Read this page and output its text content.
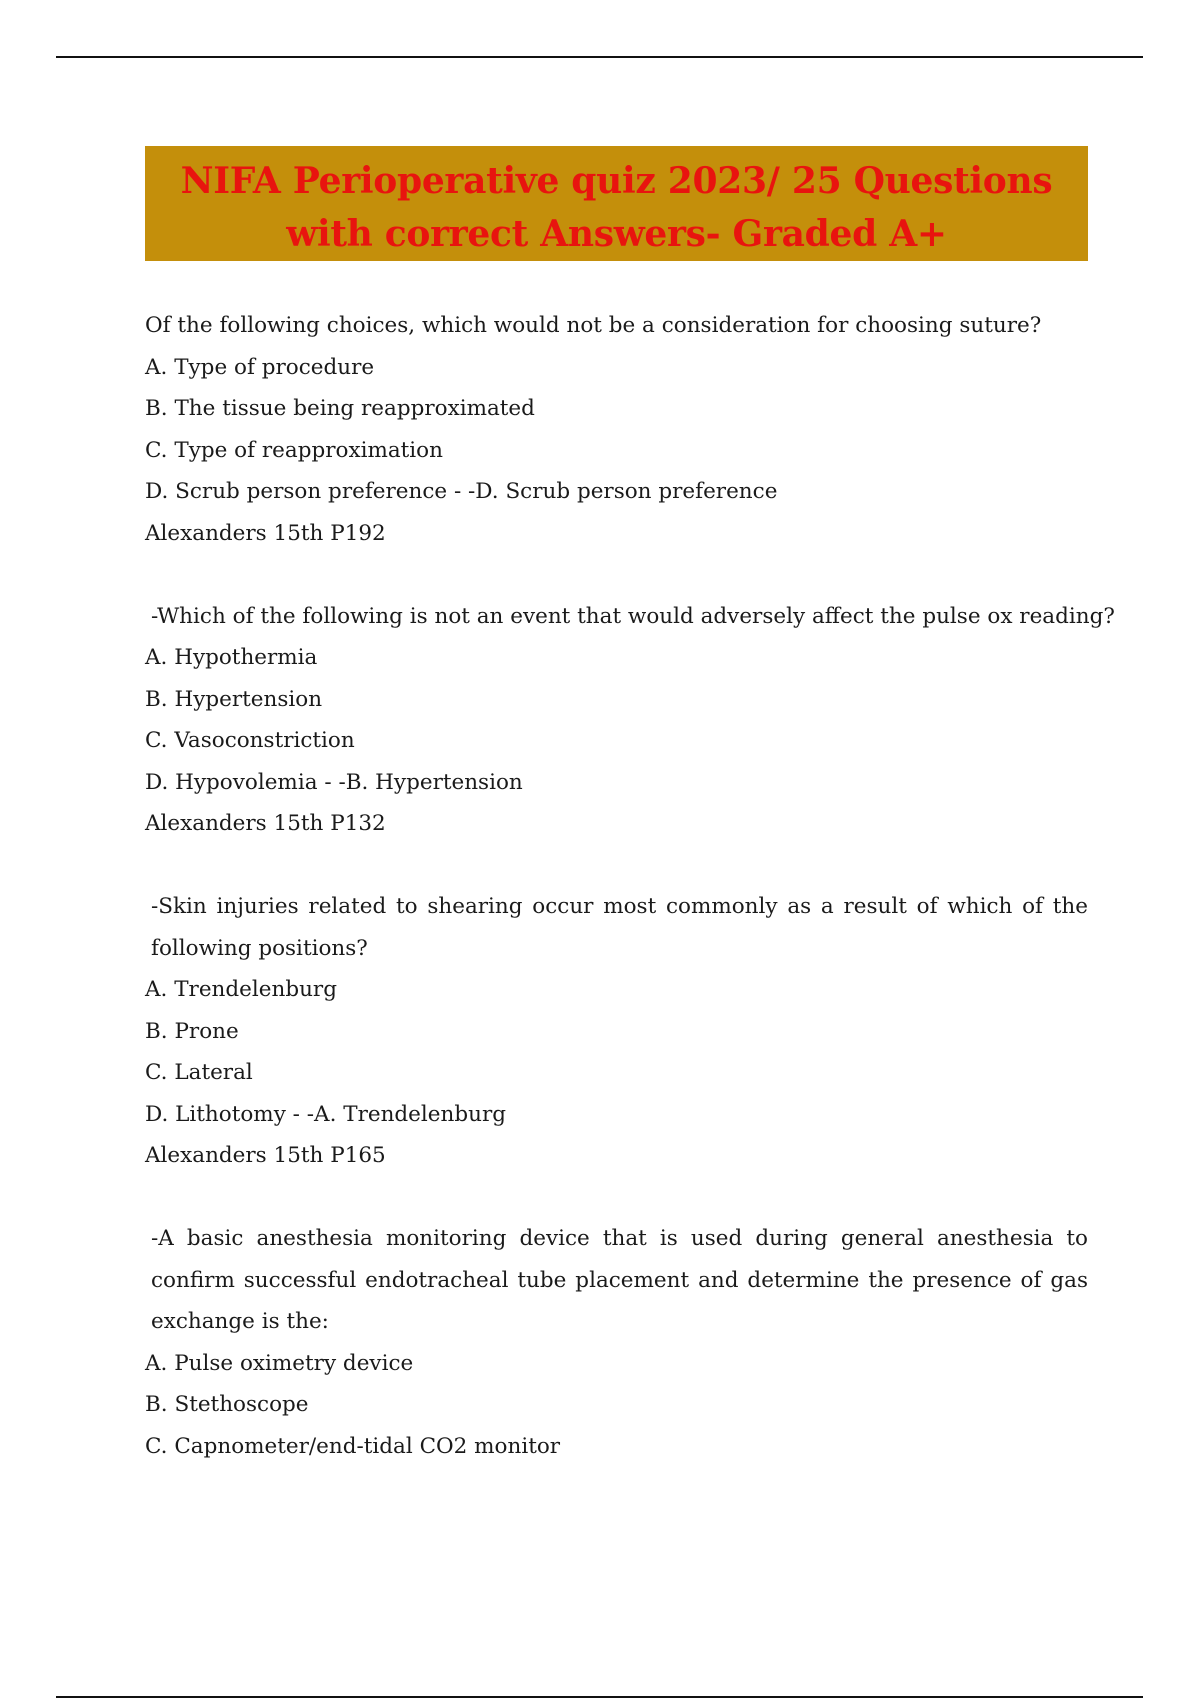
NIFA Perioperative quiz 2023/ 25 Questions
with correct Answers- Graded A+
Of the following choices, which would not be a consideration for choosing suture?
A. Type of procedure
B. The tissue being reapproximated
C. Type of reapproximation
D. Scrub person preference - -D. Scrub person preference
Alexanders 15th P192
-Which of the following is not an event that would adversely affect the pulse ox reading?
A. Hypothermia
B. Hypertension
C. Vasoconstriction
D. Hypovolemia - -B. Hypertension
Alexanders 15th P132
-Skin injuries related to shearing occur most commonly as a result of which of the following positions?
A. Trendelenburg
B. Prone
C. Lateral
D. Lithotomy - -A. Trendelenburg
Alexanders 15th P165
-A basic anesthesia monitoring device that is used during general anesthesia to confirm successful endotracheal tube placement and determine the presence of gas exchange is the:
A. Pulse oximetry device
B. Stethoscope
C. Capnometer/end-tidal CO2 monitor
